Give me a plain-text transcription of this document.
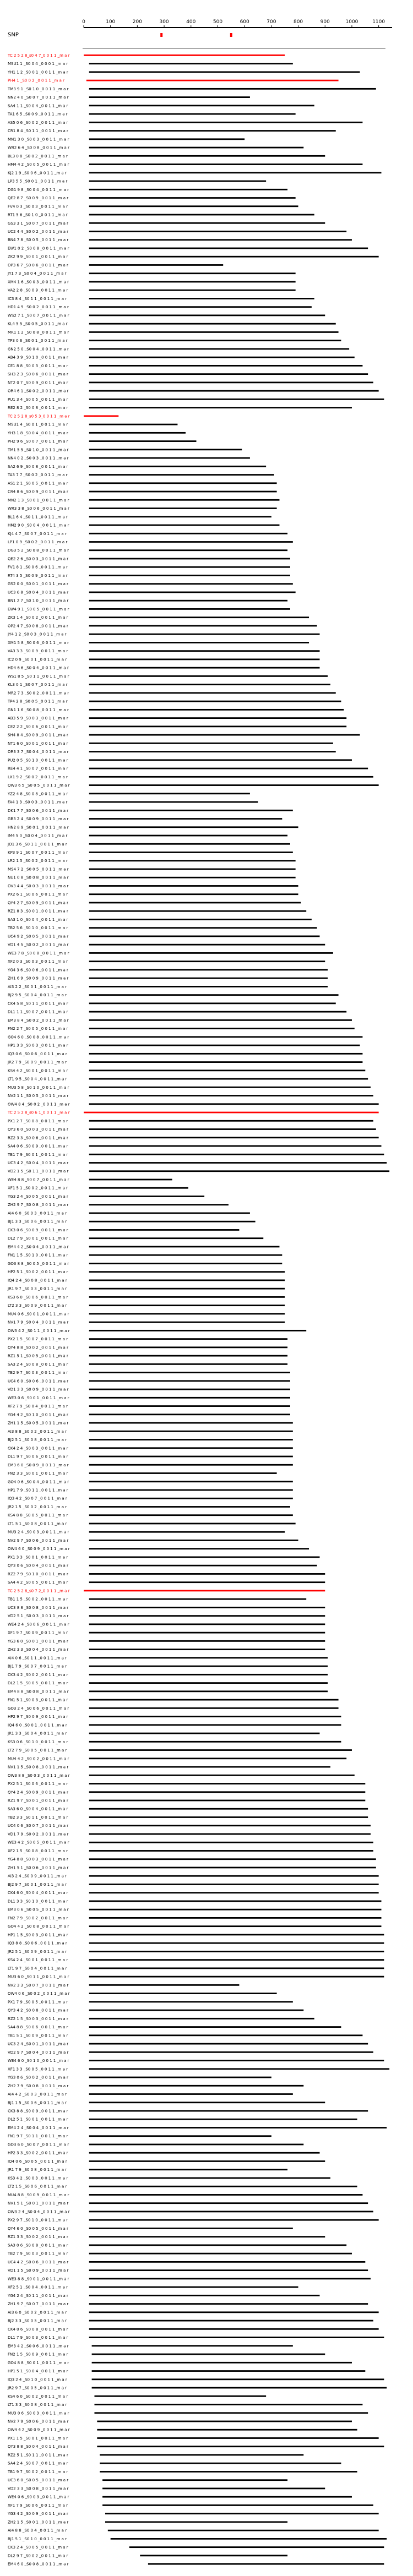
0	100	200	300	400	500	600	700	800	900	1000	1100
SNP
TC 2 5 2 8_s0 4 7_0 0 1 1 _m a r
MSU1 1 _S0 0 4 _0 0 0 1 _m a r
YH1 1 2 _S0 0 1 _0 0 1 1 _m a r
PH4 1 _S0 0 2 _0 0 1 1 _m a r
TM3 9 1 _S0 1 0 _0 0 1 1 _m a r
NN2 4 0 _S0 0 7 _0 0 1 1 _m a r
SA4 1 1 _S0 0 4 _0 0 1 1 _m a r
TA1 6 5 _S0 0 9 _0 0 1 1 _m a r
AS5 0 6 _S0 0 2 _0 0 1 1 _m a r
CR1 8 4 _S0 1 1 _0 0 1 1 _m a r
MN1 3 0 _S0 0 3 _0 0 1 1 _m a r
WR2 6 4 _S0 0 8 _0 0 1 1 _m a r
BL3 0 8 _S0 0 2 _0 0 1 1 _m a r
HM4 4 2 _S0 0 5 _0 0 1 1 _m a r
KJ2 1 9 _S0 0 6 _0 0 1 1 _m a r
LP3 5 5 _S0 0 1 _0 0 1 1 _m a r
DG1 9 8 _S0 0 4 _0 0 1 1 _m a r
QE2 8 7 _S0 0 9 _0 0 1 1 _m a r
FV4 0 3 _S0 0 3 _0 0 1 1 _m a r
RT1 5 6 _S0 1 0 _0 0 1 1 _m a r
GS3 3 1 _S0 0 7 _0 0 1 1 _m a r
UC2 4 4 _S0 0 2 _0 0 1 1 _m a r
BN4 7 8 _S0 0 5 _0 0 1 1 _m a r
EW1 0 2 _S0 0 8 _0 0 1 1 _m a r
ZK2 9 9 _S0 0 1 _0 0 1 1 _m a r
OP3 6 7 _S0 0 6 _0 0 1 1 _m a r
JY1 7 3 _S0 0 4 _0 0 1 1 _m a r
XM4 1 6 _S0 0 3 _0 0 1 1 _m a r
VA2 2 8 _S0 0 9 _0 0 1 1 _m a r
IC3 8 4 _S0 1 1 _0 0 1 1 _m a r
HD1 4 9 _S0 0 2 _0 0 1 1 _m a r
WS2 7 1 _S0 0 7 _0 0 1 1 _m a r
KL4 5 5 _S0 0 5 _0 0 1 1 _m a r
MR1 1 2 _S0 0 8 _0 0 1 1 _m a r
TP3 0 6 _S0 0 1 _0 0 1 1 _m a r
GN2 5 0 _S0 0 4 _0 0 1 1 _m a r
AB4 3 9 _S0 1 0 _0 0 1 1 _m a r
CE1 8 8 _S0 0 3 _0 0 1 1 _m a r
SH3 2 3 _S0 0 6 _0 0 1 1 _m a r
NT2 0 7 _S0 0 9 _0 0 1 1 _m a r
OR4 6 1 _S0 0 2 _0 0 1 1 _m a r
PU1 3 4 _S0 0 5 _0 0 1 1 _m a r
RE2 8 2 _S0 0 8 _0 0 1 1 _m a r
TC 2 5 2 8_s0 5 3_0 0 1 1 _m a r
MSU1 4 _S0 0 1 _0 0 1 1 _m a r
YH3 1 8 _S0 0 4 _0 0 1 1 _m a r
PH2 9 6 _S0 0 7 _0 0 1 1 _m a r
TM1 5 5 _S0 1 0 _0 0 1 1 _m a r
NN4 0 2 _S0 0 3 _0 0 1 1 _m a r
SA2 6 9 _S0 0 8 _0 0 1 1 _m a r
TA3 7 7 _S0 0 2 _0 0 1 1 _m a r
AS1 2 1 _S0 0 5 _0 0 1 1 _m a r
CR4 8 6 _S0 0 9 _0 0 1 1 _m a r
MN2 1 3 _S0 0 1 _0 0 1 1 _m a r
WR3 3 8 _S0 0 6 _0 0 1 1 _m a r
BL1 6 4 _S0 1 1 _0 0 1 1 _m a r
HM2 9 0 _S0 0 4 _0 0 1 1 _m a r
KJ4 4 7 _S0 0 7 _0 0 1 1 _m a r
LP1 0 9 _S0 0 2 _0 0 1 1 _m a r
DG3 5 2 _S0 0 8 _0 0 1 1 _m a r
QE2 2 6 _S0 0 3 _0 0 1 1 _m a r
FV1 8 1 _S0 0 6 _0 0 1 1 _m a r
RT4 3 5 _S0 0 9 _0 0 1 1 _m a r
GS2 0 0 _S0 0 1 _0 0 1 1 _m a r
UC3 6 8 _S0 0 4 _0 0 1 1 _m a r
BN1 2 7 _S0 1 0 _0 0 1 1 _m a r
EW4 9 1 _S0 0 5 _0 0 1 1 _m a r
ZK3 1 4 _S0 0 2 _0 0 1 1 _m a r
OP2 4 7 _S0 0 8 _0 0 1 1 _m a r
JY4 1 2 _S0 0 3 _0 0 1 1 _m a r
XM1 5 8 _S0 0 6 _0 0 1 1 _m a r
VA3 3 3 _S0 0 9 _0 0 1 1 _m a r
IC2 0 9 _S0 0 1 _0 0 1 1 _m a r
HD4 6 6 _S0 0 4 _0 0 1 1 _m a r
WS1 8 5 _S0 1 1 _0 0 1 1 _m a r
KL3 0 1 _S0 0 7 _0 0 1 1 _m a r
MR2 7 3 _S0 0 2 _0 0 1 1 _m a r
TP4 2 8 _S0 0 5 _0 0 1 1 _m a r
GN1 1 6 _S0 0 8 _0 0 1 1 _m a r
AB3 5 9 _S0 0 3 _0 0 1 1 _m a r
CE2 2 2 _S0 0 6 _0 0 1 1 _m a r
SH4 8 4 _S0 0 9 _0 0 1 1 _m a r
NT1 6 0 _S0 0 1 _0 0 1 1 _m a r
OR3 3 7 _S0 0 4 _0 0 1 1 _m a r
PU2 0 5 _S0 1 0 _0 0 1 1 _m a r
RE4 4 1 _S0 0 7 _0 0 1 1 _m a r
LX1 9 2 _S0 0 2 _0 0 1 1 _m a r
QW3 6 5 _S0 0 5 _0 0 1 1 _m a r
YZ2 4 8 _S0 0 8 _0 0 1 1 _m a r
FA4 1 3 _S0 0 3 _0 0 1 1 _m a r
DK1 7 7 _S0 0 6 _0 0 1 1 _m a r
GB3 2 4 _S0 0 9 _0 0 1 1 _m a r
HN2 8 9 _S0 0 1 _0 0 1 1 _m a r
IM4 5 0 _S0 0 4 _0 0 1 1 _m a r
JO1 3 6 _S0 1 1 _0 0 1 1 _m a r
KP3 9 1 _S0 0 7 _0 0 1 1 _m a r
LR2 1 5 _S0 0 2 _0 0 1 1 _m a r
MS4 7 2 _S0 0 5 _0 0 1 1 _m a r
NU1 0 8 _S0 0 8 _0 0 1 1 _m a r
OV3 4 4 _S0 0 3 _0 0 1 1 _m a r
PX2 6 1 _S0 0 6 _0 0 1 1 _m a r
QY4 2 7 _S0 0 9 _0 0 1 1 _m a r
RZ1 8 3 _S0 0 1 _0 0 1 1 _m a r
SA3 1 0 _S0 0 4 _0 0 1 1 _m a r
TB2 5 6 _S0 1 0 _0 0 1 1 _m a r
UC4 9 2 _S0 0 5 _0 0 1 1 _m a r
VD1 4 5 _S0 0 2 _0 0 1 1 _m a r
WE3 7 8 _S0 0 8 _0 0 1 1 _m a r
XF2 0 3 _S0 0 3 _0 0 1 1 _m a r
YG4 3 6 _S0 0 6 _0 0 1 1 _m a r
ZH1 6 9 _S0 0 9 _0 0 1 1 _m a r
AI3 2 2 _S0 0 1 _0 0 1 1 _m a r
BJ2 9 5 _S0 0 4 _0 0 1 1 _m a r
CK4 5 8 _S0 1 1 _0 0 1 1 _m a r
DL1 1 1 _S0 0 7 _0 0 1 1 _m a r
EM3 8 4 _S0 0 2 _0 0 1 1 _m a r
FN2 2 7 _S0 0 5 _0 0 1 1 _m a r
GO4 6 0 _S0 0 8 _0 0 1 1 _m a r
HP1 3 3 _S0 0 3 _0 0 1 1 _m a r
IQ3 0 6 _S0 0 6 _0 0 1 1 _m a r
JR2 7 9 _S0 0 9 _0 0 1 1 _m a r
KS4 4 2 _S0 0 1 _0 0 1 1 _m a r
LT1 9 5 _S0 0 4 _0 0 1 1 _m a r
MU3 5 8 _S0 1 0 _0 0 1 1 _m a r
NV2 1 1 _S0 0 5 _0 0 1 1 _m a r
OW4 8 4 _S0 0 2 _0 0 1 1 _m a r
TC 2 5 2 8_s0 6 1_0 0 1 1 _m a r
PX1 2 7 _S0 0 8 _0 0 1 1 _m a r
QY3 6 0 _S0 0 3 _0 0 1 1 _m a r
RZ2 3 3 _S0 0 6 _0 0 1 1 _m a r
SA4 0 6 _S0 0 9 _0 0 1 1 _m a r
TB1 7 9 _S0 0 1 _0 0 1 1 _m a r
UC3 4 2 _S0 0 4 _0 0 1 1 _m a r
VD2 1 5 _S0 1 1 _0 0 1 1 _m a r
WE4 8 8 _S0 0 7 _0 0 1 1 _m a r
XF1 5 1 _S0 0 2 _0 0 1 1 _m a r
YG3 2 4 _S0 0 5 _0 0 1 1 _m a r
ZH2 9 7 _S0 0 8 _0 0 1 1 _m a r
AI4 6 0 _S0 0 3 _0 0 1 1 _m a r
BJ1 3 3 _S0 0 6 _0 0 1 1 _m a r
CK3 0 6 _S0 0 9 _0 0 1 1 _m a r
DL2 7 9 _S0 0 1 _0 0 1 1 _m a r
EM4 4 2 _S0 0 4 _0 0 1 1 _m a r
FN1 1 5 _S0 1 0 _0 0 1 1 _m a r
GO3 8 8 _S0 0 5 _0 0 1 1 _m a r
HP2 5 1 _S0 0 2 _0 0 1 1 _m a r
IQ4 2 4 _S0 0 8 _0 0 1 1 _m a r
JR1 9 7 _S0 0 3 _0 0 1 1 _m a r
KS3 6 0 _S0 0 6 _0 0 1 1 _m a r
LT2 3 3 _S0 0 9 _0 0 1 1 _m a r
MU4 0 6 _S0 0 1 _0 0 1 1 _m a r
NV1 7 9 _S0 0 4 _0 0 1 1 _m a r
OW3 4 2 _S0 1 1 _0 0 1 1 _m a r
PX2 1 5 _S0 0 7 _0 0 1 1 _m a r
QY4 8 8 _S0 0 2 _0 0 1 1 _m a r
RZ1 5 1 _S0 0 5 _0 0 1 1 _m a r
SA3 2 4 _S0 0 8 _0 0 1 1 _m a r
TB2 9 7 _S0 0 3 _0 0 1 1 _m a r
UC4 6 0 _S0 0 6 _0 0 1 1 _m a r
VD1 3 3 _S0 0 9 _0 0 1 1 _m a r
WE3 0 6 _S0 0 1 _0 0 1 1 _m a r
XF2 7 9 _S0 0 4 _0 0 1 1 _m a r
YG4 4 2 _S0 1 0 _0 0 1 1 _m a r
ZH1 1 5 _S0 0 5 _0 0 1 1 _m a r
AI3 8 8 _S0 0 2 _0 0 1 1 _m a r
BJ2 5 1 _S0 0 8 _0 0 1 1 _m a r
CK4 2 4 _S0 0 3 _0 0 1 1 _m a r
DL1 9 7 _S0 0 6 _0 0 1 1 _m a r
EM3 6 0 _S0 0 9 _0 0 1 1 _m a r
FN2 3 3 _S0 0 1 _0 0 1 1 _m a r
GO4 0 6 _S0 0 4 _0 0 1 1 _m a r
HP1 7 9 _S0 1 1 _0 0 1 1 _m a r
IQ3 4 2 _S0 0 7 _0 0 1 1 _m a r
JR2 1 5 _S0 0 2 _0 0 1 1 _m a r
KS4 8 8 _S0 0 5 _0 0 1 1 _m a r
LT1 5 1 _S0 0 8 _0 0 1 1 _m a r
MU3 2 4 _S0 0 3 _0 0 1 1 _m a r
NV2 9 7 _S0 0 6 _0 0 1 1 _m a r
OW4 6 0 _S0 0 9 _0 0 1 1 _m a r
PX1 3 3 _S0 0 1 _0 0 1 1 _m a r
QY3 0 6 _S0 0 4 _0 0 1 1 _m a r
RZ2 7 9 _S0 1 0 _0 0 1 1 _m a r
SA4 4 2 _S0 0 5 _0 0 1 1 _m a r
TC 2 5 2 8_s0 7 2_0 0 1 1 _m a r
TB1 1 5 _S0 0 2 _0 0 1 1 _m a r
UC3 8 8 _S0 0 8 _0 0 1 1 _m a r
VD2 5 1 _S0 0 3 _0 0 1 1 _m a r
WE4 2 4 _S0 0 6 _0 0 1 1 _m a r
XF1 9 7 _S0 0 9 _0 0 1 1 _m a r
YG3 6 0 _S0 0 1 _0 0 1 1 _m a r
ZH2 3 3 _S0 0 4 _0 0 1 1 _m a r
AI4 0 6 _S0 1 1 _0 0 1 1 _m a r
BJ1 7 9 _S0 0 7 _0 0 1 1 _m a r
CK3 4 2 _S0 0 2 _0 0 1 1 _m a r
DL2 1 5 _S0 0 5 _0 0 1 1 _m a r
EM4 8 8 _S0 0 8 _0 0 1 1 _m a r
FN1 5 1 _S0 0 3 _0 0 1 1 _m a r
GO3 2 4 _S0 0 6 _0 0 1 1 _m a r
HP2 9 7 _S0 0 9 _0 0 1 1 _m a r
IQ4 6 0 _S0 0 1 _0 0 1 1 _m a r
JR1 3 3 _S0 0 4 _0 0 1 1 _m a r
KS3 0 6 _S0 1 0 _0 0 1 1 _m a r
LT2 7 9 _S0 0 5 _0 0 1 1 _m a r
MU4 4 2 _S0 0 2 _0 0 1 1 _m a r
NV1 1 5 _S0 0 8 _0 0 1 1 _m a r
OW3 8 8 _S0 0 3 _0 0 1 1 _m a r
PX2 5 1 _S0 0 6 _0 0 1 1 _m a r
QY4 2 4 _S0 0 9 _0 0 1 1 _m a r
RZ1 9 7 _S0 0 1 _0 0 1 1 _m a r
SA3 6 0 _S0 0 4 _0 0 1 1 _m a r
TB2 3 3 _S0 1 1 _0 0 1 1 _m a r
UC4 0 6 _S0 0 7 _0 0 1 1 _m a r
VD1 7 9 _S0 0 2 _0 0 1 1 _m a r
WE3 4 2 _S0 0 5 _0 0 1 1 _m a r
XF2 1 5 _S0 0 8 _0 0 1 1 _m a r
YG4 8 8 _S0 0 3 _0 0 1 1 _m a r
ZH1 5 1 _S0 0 6 _0 0 1 1 _m a r
AI3 2 4 _S0 0 9 _0 0 1 1 _m a r
BJ2 9 7 _S0 0 1 _0 0 1 1 _m a r
CK4 6 0 _S0 0 4 _0 0 1 1 _m a r
DL1 3 3 _S0 1 0 _0 0 1 1 _m a r
EM3 0 6 _S0 0 5 _0 0 1 1 _m a r
FN2 7 9 _S0 0 2 _0 0 1 1 _m a r
GO4 4 2 _S0 0 8 _0 0 1 1 _m a r
HP1 1 5 _S0 0 3 _0 0 1 1 _m a r
IQ3 8 8 _S0 0 6 _0 0 1 1 _m a r
JR2 5 1 _S0 0 9 _0 0 1 1 _m a r
KS4 2 4 _S0 0 1 _0 0 1 1 _m a r
LT1 9 7 _S0 0 4 _0 0 1 1 _m a r
MU3 6 0 _S0 1 1 _0 0 1 1 _m a r
NV2 3 3 _S0 0 7 _0 0 1 1 _m a r
OW4 0 6 _S0 0 2 _0 0 1 1 _m a r
PX1 7 9 _S0 0 5 _0 0 1 1 _m a r
QY3 4 2 _S0 0 8 _0 0 1 1 _m a r
RZ2 1 5 _S0 0 3 _0 0 1 1 _m a r
SA4 8 8 _S0 0 6 _0 0 1 1 _m a r
TB1 5 1 _S0 0 9 _0 0 1 1 _m a r
UC3 2 4 _S0 0 1 _0 0 1 1 _m a r
VD2 9 7 _S0 0 4 _0 0 1 1 _m a r
WE4 6 0 _S0 1 0 _0 0 1 1 _m a r
XF1 3 3 _S0 0 5 _0 0 1 1 _m a r
YG3 0 6 _S0 0 2 _0 0 1 1 _m a r
ZH2 7 9 _S0 0 8 _0 0 1 1 _m a r
AI4 4 2 _S0 0 3 _0 0 1 1 _m a r
BJ1 1 5 _S0 0 6 _0 0 1 1 _m a r
CK3 8 8 _S0 0 9 _0 0 1 1 _m a r
DL2 5 1 _S0 0 1 _0 0 1 1 _m a r
EM4 2 4 _S0 0 4 _0 0 1 1 _m a r
FN1 9 7 _S0 1 1 _0 0 1 1 _m a r
GO3 6 0 _S0 0 7 _0 0 1 1 _m a r
HP2 3 3 _S0 0 2 _0 0 1 1 _m a r
IQ4 0 6 _S0 0 5 _0 0 1 1 _m a r
JR1 7 9 _S0 0 8 _0 0 1 1 _m a r
KS3 4 2 _S0 0 3 _0 0 1 1 _m a r
LT2 1 5 _S0 0 6 _0 0 1 1 _m a r
MU4 8 8 _S0 0 9 _0 0 1 1 _m a r
NV1 5 1 _S0 0 1 _0 0 1 1 _m a r
OW3 2 4 _S0 0 4 _0 0 1 1 _m a r
PX2 9 7 _S0 1 0 _0 0 1 1 _m a r
QY4 6 0 _S0 0 5 _0 0 1 1 _m a r
RZ1 3 3 _S0 0 2 _0 0 1 1 _m a r
SA3 0 6 _S0 0 8 _0 0 1 1 _m a r
TB2 7 9 _S0 0 3 _0 0 1 1 _m a r
UC4 4 2 _S0 0 6 _0 0 1 1 _m a r
VD1 1 5 _S0 0 9 _0 0 1 1 _m a r
WE3 8 8 _S0 0 1 _0 0 1 1 _m a r
XF2 5 1 _S0 0 4 _0 0 1 1 _m a r
YG4 2 4 _S0 1 1 _0 0 1 1 _m a r
ZH1 9 7 _S0 0 7 _0 0 1 1 _m a r
AI3 6 0 _S0 0 2 _0 0 1 1 _m a r
BJ2 3 3 _S0 0 5 _0 0 1 1 _m a r
CK4 0 6 _S0 0 8 _0 0 1 1 _m a r
DL1 7 9 _S0 0 3 _0 0 1 1 _m a r
EM3 4 2 _S0 0 6 _0 0 1 1 _m a r
FN2 1 5 _S0 0 9 _0 0 1 1 _m a r
GO4 8 8 _S0 0 1 _0 0 1 1 _m a r
HP1 5 1 _S0 0 4 _0 0 1 1 _m a r
IQ3 2 4 _S0 1 0 _0 0 1 1 _m a r
JR2 9 7 _S0 0 5 _0 0 1 1 _m a r
KS4 6 0 _S0 0 2 _0 0 1 1 _m a r
LT1 3 3 _S0 0 8 _0 0 1 1 _m a r
MU3 0 6 _S0 0 3 _0 0 1 1 _m a r
NV2 7 9 _S0 0 6 _0 0 1 1 _m a r
OW4 4 2 _S0 0 9 _0 0 1 1 _m a r
PX1 1 5 _S0 0 1 _0 0 1 1 _m a r
QY3 8 8 _S0 0 4 _0 0 1 1 _m a r
RZ2 5 1 _S0 1 1 _0 0 1 1 _m a r
SA4 2 4 _S0 0 7 _0 0 1 1 _m a r
TB1 9 7 _S0 0 2 _0 0 1 1 _m a r
UC3 6 0 _S0 0 5 _0 0 1 1 _m a r
VD2 3 3 _S0 0 8 _0 0 1 1 _m a r
WE4 0 6 _S0 0 3 _0 0 1 1 _m a r
XF1 7 9 _S0 0 6 _0 0 1 1 _m a r
YG3 4 2 _S0 0 9 _0 0 1 1 _m a r
ZH2 1 5 _S0 0 1 _0 0 1 1 _m a r
AI4 8 8 _S0 0 4 _0 0 1 1 _m a r
BJ1 5 1 _S0 1 0 _0 0 1 1 _m a r
CK3 2 4 _S0 0 5 _0 0 1 1 _m a r
DL2 9 7 _S0 0 2 _0 0 1 1 _m a r
EM4 6 0 _S0 0 8 _0 0 1 1 _m a r
